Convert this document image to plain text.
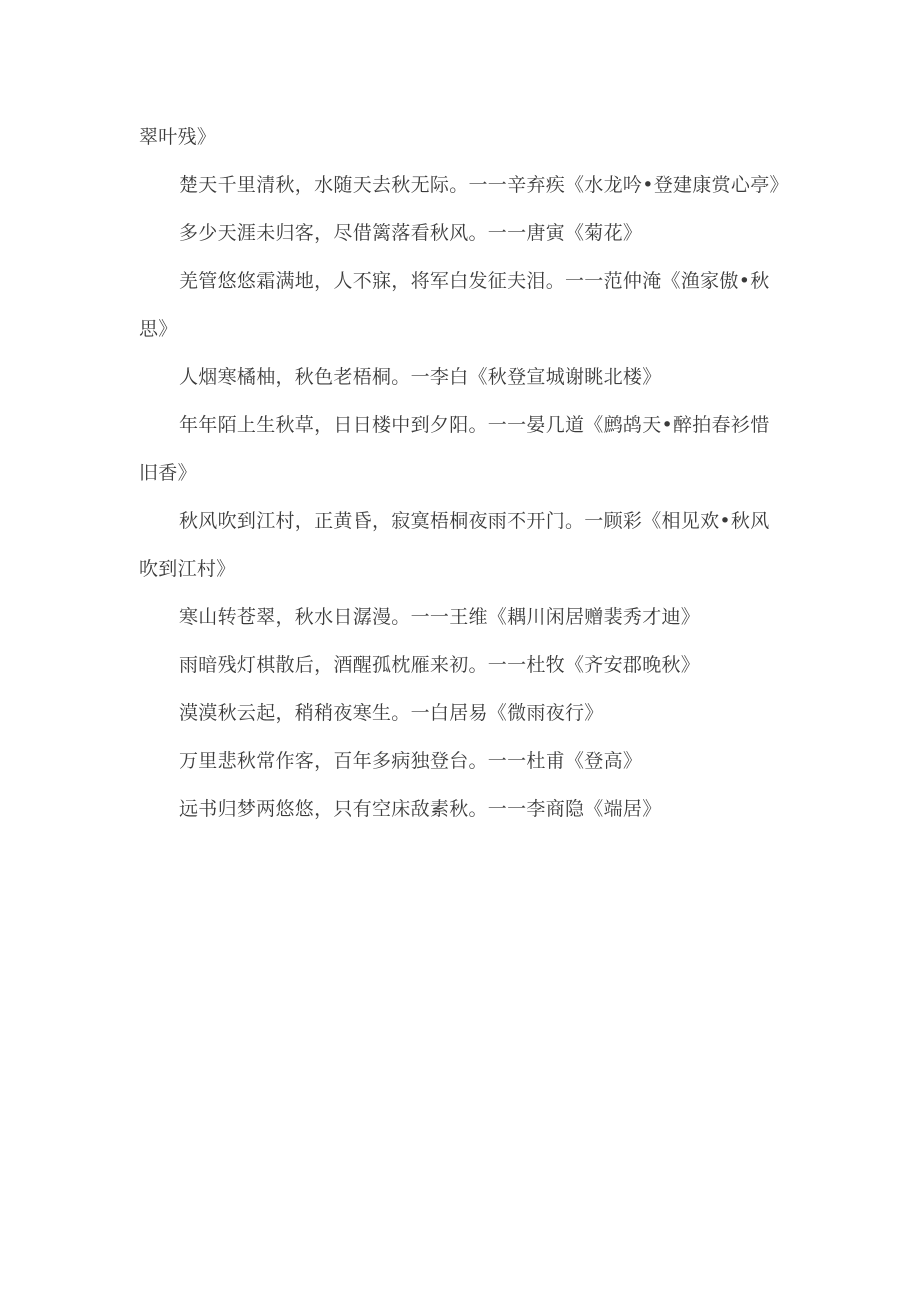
翠叶残》

楚天千里清秋，水随天去秋无际。一一辛弃疾《水龙吟•登建康赏心亭》

多少天涯未归客，尽借篱落看秋风。一一唐寅《菊花》

羌管悠悠霜满地，人不寐，将军白发征夫泪。一一范仲淹《渔家傲•秋思》

人烟寒橘柚，秋色老梧桐。一李白《秋登宣城谢眺北楼》

年年陌上生秋草，日日楼中到夕阳。一一晏几道《鹧鸪天•醉拍春衫惜旧香》

秋风吹到江村，正黄昏，寂寞梧桐夜雨不开门。一顾彩《相见欢•秋风吹到江村》

寒山转苍翠，秋水日潺漫。一一王维《耦川闲居赠裴秀才迪》

雨暗残灯棋散后，酒醒孤枕雁来初。一一杜牧《齐安郡晚秋》

漠漠秋云起，稍稍夜寒生。一白居易《微雨夜行》

万里悲秋常作客，百年多病独登台。一一杜甫《登高》

远书归梦两悠悠，只有空床敌素秋。一一李商隐《端居》
